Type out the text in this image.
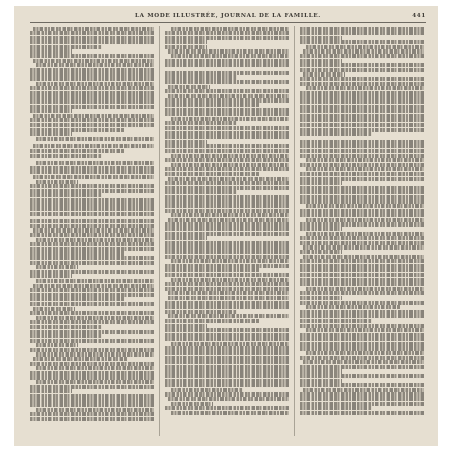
LA MODE ILLUSTRÉE, JOURNAL DE LA FAMILLE.	441
